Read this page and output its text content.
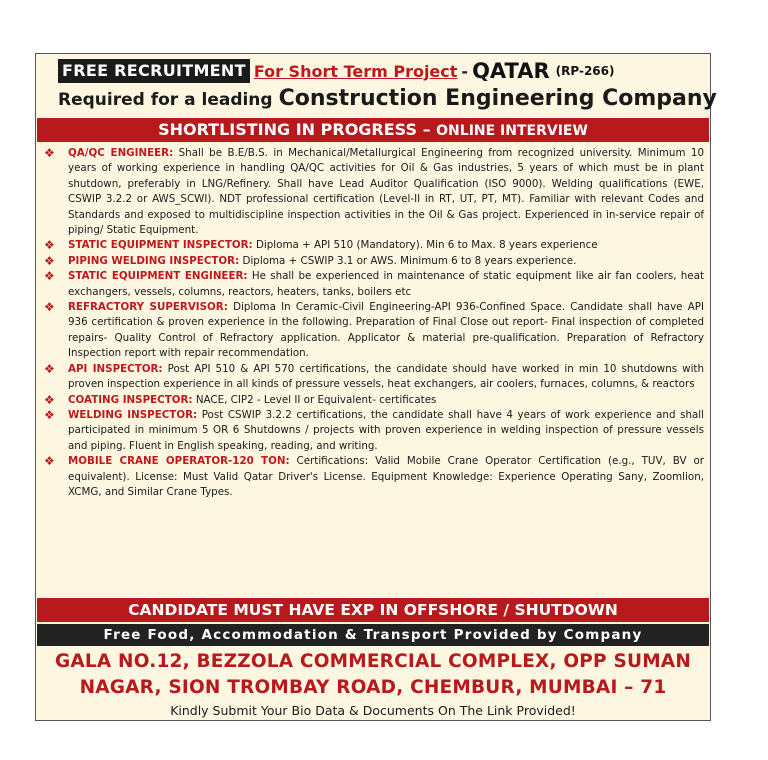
FREE RECRUITMENT For Short Term Project - QATAR (RP-266)
Required for a leading Construction Engineering Company
SHORTLISTING IN PROGRESS – ONLINE INTERVIEW
❖ QA/QC ENGINEER: Shall be B.E/B.S. in Mechanical/Metallurgical Engineering from recognized university. Minimum 10 years of working experience in handling QA/QC activities for Oil & Gas industries, 5 years of which must be in plant shutdown, preferably in LNG/Refinery. Shall have Lead Auditor Qualification (ISO 9000). Welding qualifications (EWE, CSWIP 3.2.2 or AWS_SCWI). NDT professional certification (Level-II in RT, UT, PT, MT). Familiar with relevant Codes and Standards and exposed to multidiscipline inspection activities in the Oil & Gas project. Experienced in in-service repair of piping/ Static Equipment.
❖ STATIC EQUIPMENT INSPECTOR: Diploma + API 510 (Mandatory). Min 6 to Max. 8 years experience
❖ PIPING WELDING INSPECTOR: Diploma + CSWIP 3.1 or AWS. Minimum 6 to 8 years experience.
❖ STATIC EQUIPMENT ENGINEER: He shall be experienced in maintenance of static equipment like air fan coolers, heat exchangers, vessels, columns, reactors, heaters, tanks, boilers etc
❖ REFRACTORY SUPERVISOR: Diploma In Ceramic-Civil Engineering-API 936-Confined Space. Candidate shall have API 936 certification & proven experience in the following. Preparation of Final Close out report- Final inspection of completed repairs- Quality Control of Refractory application. Applicator & material pre-qualification. Preparation of Refractory Inspection report with repair recommendation.
❖ API INSPECTOR: Post API 510 & API 570 certifications, the candidate should have worked in min 10 shutdowns with proven inspection experience in all kinds of pressure vessels, heat exchangers, air coolers, furnaces, columns, & reactors
❖ COATING INSPECTOR: NACE, CIP2 - Level II or Equivalent- certificates
❖ WELDING INSPECTOR: Post CSWIP 3.2.2 certifications, the candidate shall have 4 years of work experience and shall participated in minimum 5 OR 6 Shutdowns / projects with proven experience in welding inspection of pressure vessels and piping. Fluent in English speaking, reading, and writing.
❖ MOBILE CRANE OPERATOR-120 TON: Certifications: Valid Mobile Crane Operator Certification (e.g., TUV, BV or equivalent). License: Must Valid Qatar Driver's License. Equipment Knowledge: Experience Operating Sany, Zoomlion, XCMG, and Similar Crane Types.
CANDIDATE MUST HAVE EXP IN OFFSHORE / SHUTDOWN
Free Food, Accommodation & Transport Provided by Company
GALA NO.12, BEZZOLA COMMERCIAL COMPLEX, OPP SUMAN
NAGAR, SION TROMBAY ROAD, CHEMBUR, MUMBAI – 71
Kindly Submit Your Bio Data & Documents On The Link Provided!
